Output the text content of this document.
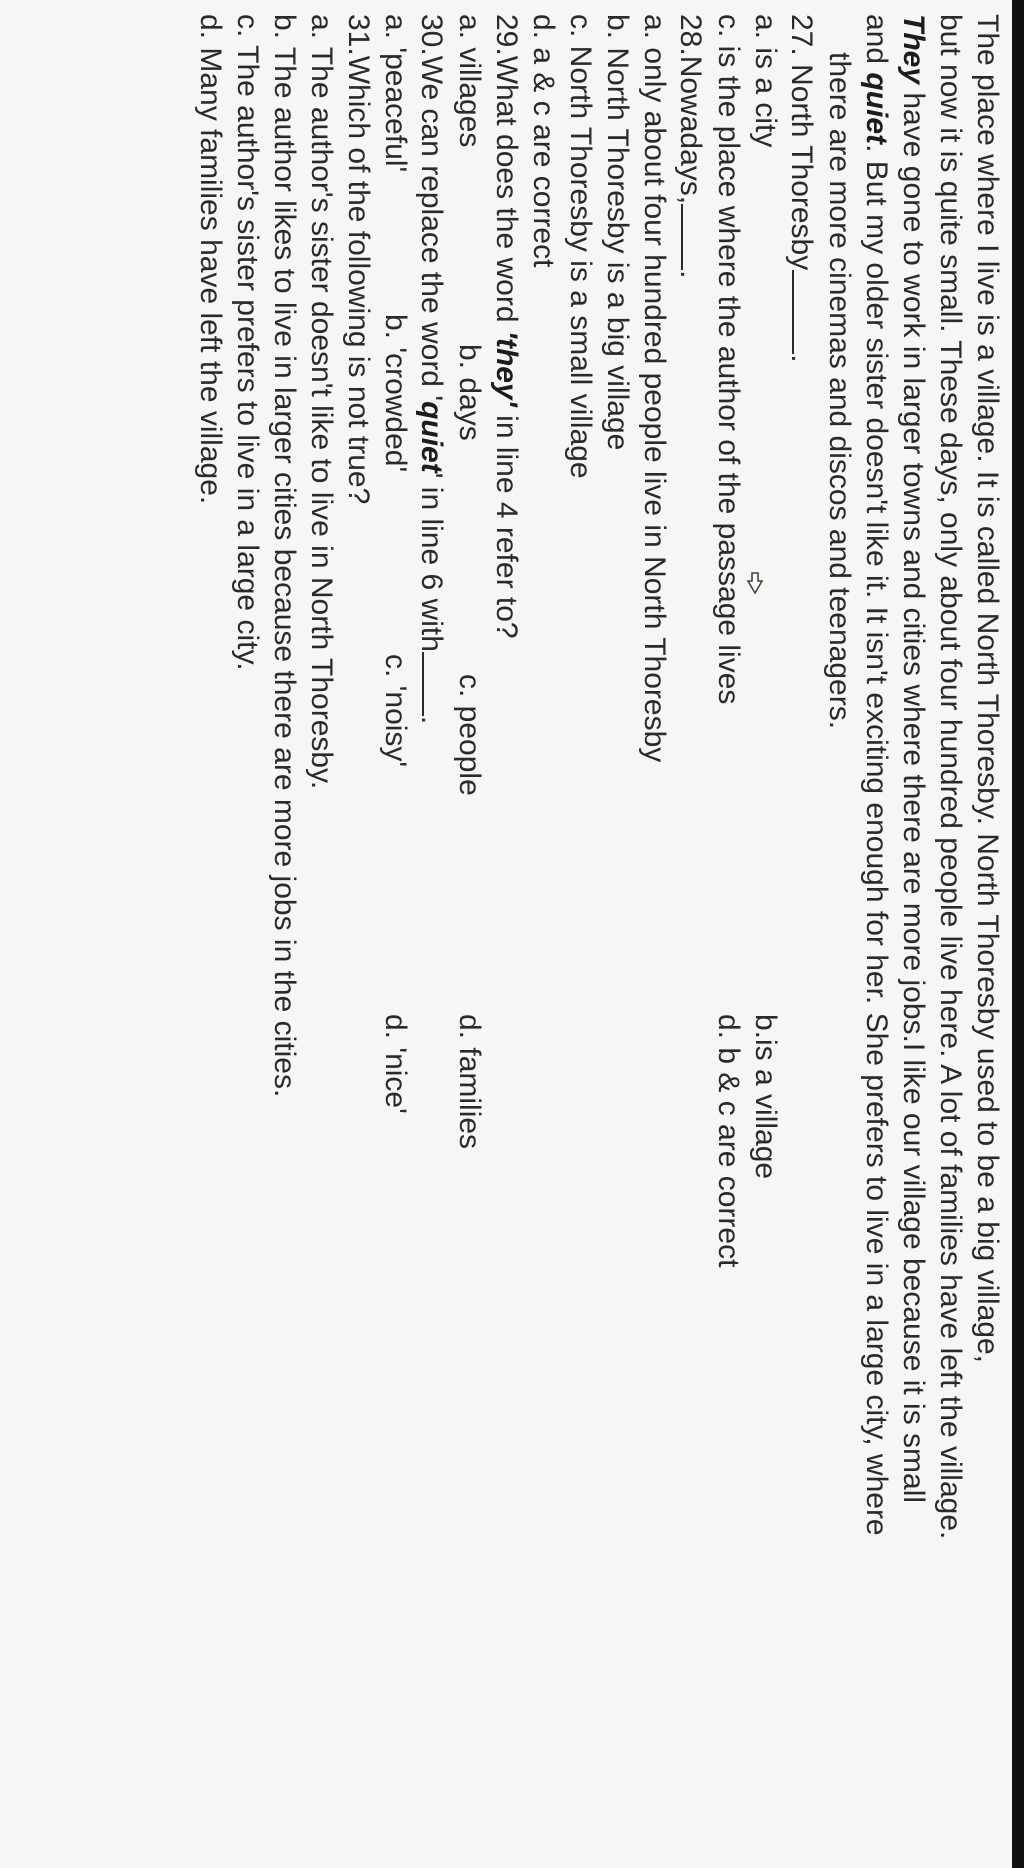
The place where I live is a village. It is called North Thoresby. North Thoresby used to be a big village,
but now it is quite small. These days, only about four hundred people live here. A lot of families have left the village.
They have gone to work in larger towns and cities where there are more jobs.I like our village because it is small
and quiet. But my older sister doesn't like it. It isn't exciting enough for her. She prefers to live in a large city, where
there are more cinemas and discos and teenagers.
27. North Thoresby.
a. is a city
b.is a village
c. is the place where the author of the passage lives
d. b & c are correct
28.Nowadays,.
a. only about four hundred people live in North Thoresby
b. North Thoresby is a big village
c. North Thoresby is a small village
d. a & c are correct
29.What does the word 'they' in line 4 refer to?
a. villages
b. days
c. people
d. families
30.We can replace the word 'quiet' in line 6 with.
a. 'peaceful'
b. 'crowded'
c. 'noisy'
d. 'nice'
31.Which of the following is not true?
a. The author's sister doesn't like to live in North Thoresby.
b. The author likes to live in larger cities because there are more jobs in the cities.
c. The author's sister prefers to live in a large city.
d. Many families have left the village.
